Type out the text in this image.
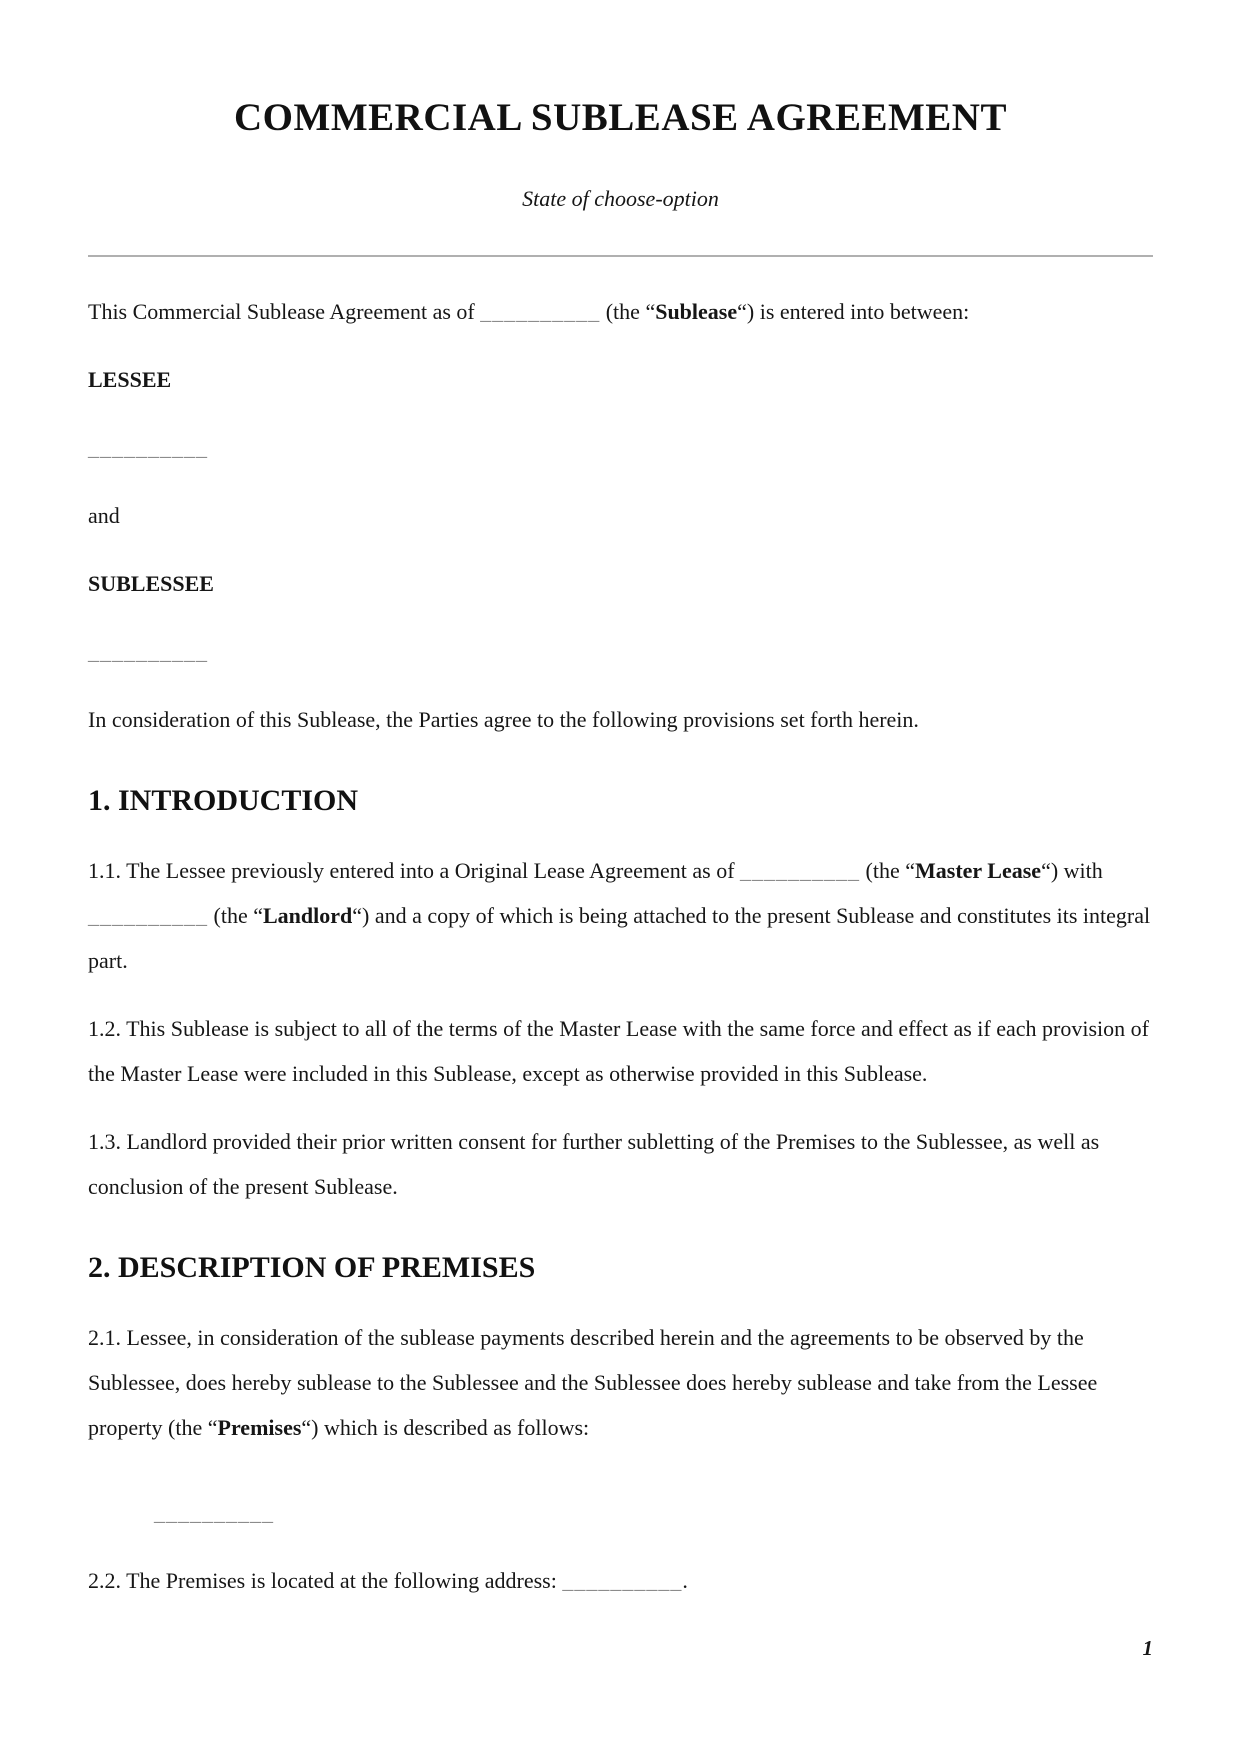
COMMERCIAL SUBLEASE AGREEMENT

State of choose-option

This Commercial Sublease Agreement as of __________ (the “Sublease“) is entered into between:

LESSEE

__________

and

SUBLESSEE

__________

In consideration of this Sublease, the Parties agree to the following provisions set forth herein.

1. INTRODUCTION

1.1. The Lessee previously entered into a Original Lease Agreement as of __________ (the “Master Lease“) with __________ (the “Landlord“) and a copy of which is being attached to the present Sublease and constitutes its integral part.

1.2. This Sublease is subject to all of the terms of the Master Lease with the same force and effect as if each provision of the Master Lease were included in this Sublease, except as otherwise provided in this Sublease.

1.3. Landlord provided their prior written consent for further subletting of the Premises to the Sublessee, as well as conclusion of the present Sublease.

2. DESCRIPTION OF PREMISES

2.1. Lessee, in consideration of the sublease payments described herein and the agreements to be observed by the Sublessee, does hereby sublease to the Sublessee and the Sublessee does hereby sublease and take from the Lessee property (the “Premises“) which is described as follows:

__________

2.2. The Premises is located at the following address: __________.

1
